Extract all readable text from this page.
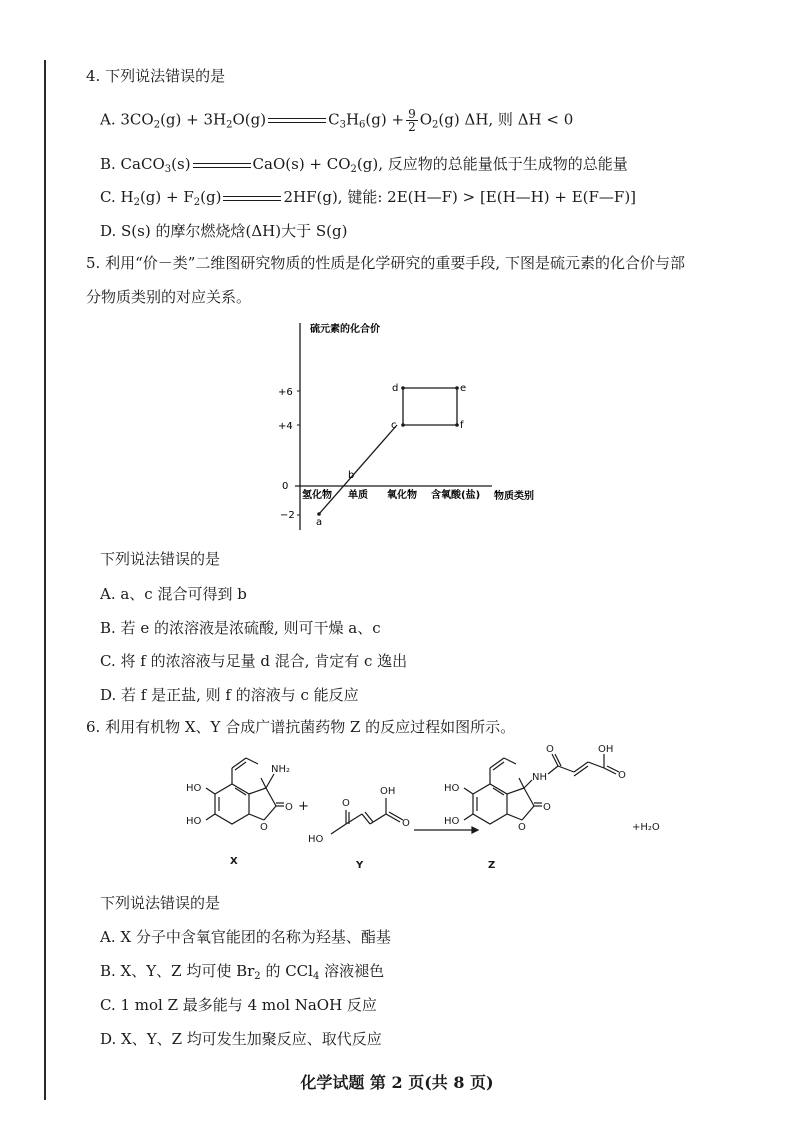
4. 下列说法错误的是
A. $3CO_2(g) + 3H_2O(g)$	$C_3H_6(g) + \frac{9}{2} O_2(g)$ ΔH, 则 ΔH < 0
B. CaCO$_3$(s)	$CaO(s) + CO_2(g)$, 反应物的总能量低于生成物的总能量
C. $H_2(g) + F_2(g)$	2HF(g), 键能: 2E(H—F) > [E(H—H) + E(F—F)]
D. S(s) 的摩尔燃烧焓(ΔH)大于 S(g)
5. 利用“价－类”二维图研究物质的性质是化学研究的重要手段, 下图是硫元素的化合价与部
分物质类别的对应关系。
硫元素的化合价
物质类别
+6
+4
0
−2
氢化物 单质 氧化物 含氧酸(盐)
a
b
c
d	e
f
下列说法错误的是
A. a、c 混合可得到 b
B. 若 e 的浓溶液是浓硫酸, 则可干燥 a、c
C. 将 f 的浓溶液与足量 d 混合, 肯定有 c 逸出
D. 若 f 是正盐, 则 f 的溶液与 c 能反应
6. 利用有机物 X、Y 合成广谱抗菌药物 Z 的反应过程如图所示。
NH₂
O
O
HO
HO
X
+	O
HO
OH
O
Y
NH
O
O
HO
HO
O	OH
O
Z
+H₂O
下列说法错误的是
A. X 分子中含氧官能团的名称为羟基、酯基
B. X、Y、Z 均可使 $Br_2$ 的 CCl$_4$ 溶液褪色
C. 1 mol Z 最多能与 4 mol NaOH 反应
D. X、Y、Z 均可发生加聚反应、取代反应
化学试题 第 2 页(共 8 页)
